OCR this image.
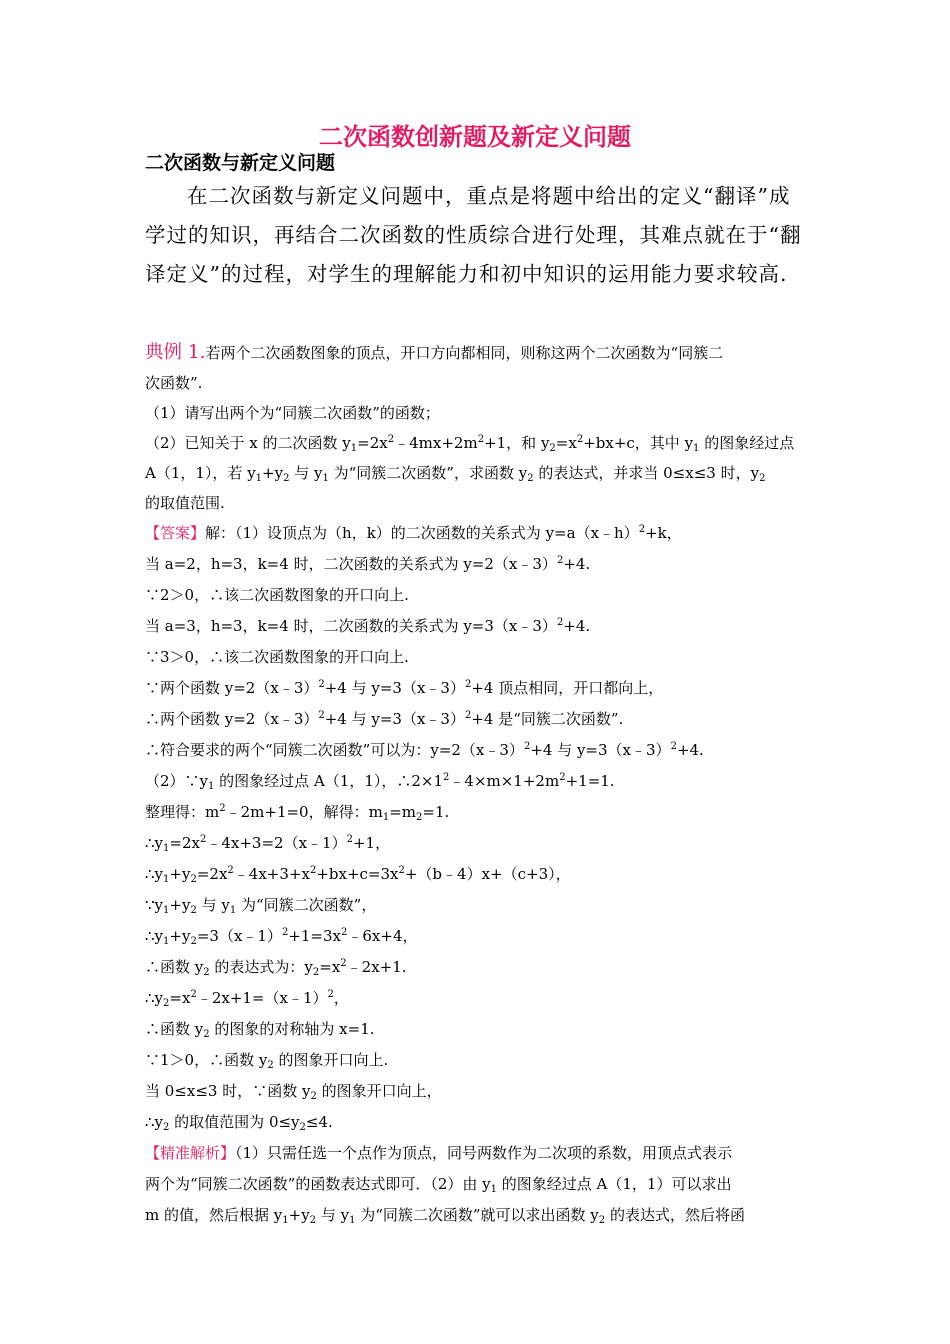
二次函数创新题及新定义问题
二次函数与新定义问题
在二次函数与新定义问题中，重点是将题中给出的定义“翻译”成学过的知识，再结合二次函数的性质综合进行处理，其难点就在于“翻译定义”的过程，对学生的理解能力和初中知识的运用能力要求较高.
典例 1.若两个二次函数图象的顶点，开口方向都相同，则称这两个二次函数为“同簇二
次函数”.
（1）请写出两个为“同簇二次函数”的函数；
（2）已知关于 x 的二次函数 $y_1=2x^2﹣4mx+2m^2+1$，和 $y_2=x^2+bx+c$，其中 $y_1$ 的图象经过点
A（1，1），若 $y_1+y_2$ 与 $y_1$ 为“同簇二次函数”，求函数 $y_2$ 的表达式，并求当 0≤x≤3 时，$y_2$
的取值范围.
【答案】解：（1）设顶点为（h，k）的二次函数的关系式为 y=a（x﹣h）$^2$+k，
当 a=2，h=3，k=4 时，二次函数的关系式为 y=2（x﹣3）$^2$+4.
∵2＞0，∴该二次函数图象的开口向上.
当 a=3，h=3，k=4 时，二次函数的关系式为 y=3（x﹣3）$^2$+4.
∵3＞0，∴该二次函数图象的开口向上.
∵两个函数 y=2（x﹣3）$^2$+4 与 y=3（x﹣3）$^2$+4 顶点相同，开口都向上，
∴两个函数 y=2（x﹣3）$^2$+4 与 y=3（x﹣3）$^2$+4 是“同簇二次函数”.
∴符合要求的两个“同簇二次函数”可以为：y=2（x﹣3）$^2$+4 与 y=3（x﹣3）$^2$+4.
$(2)\because y_1$ 的图象经过点 A（1，1），$\therefore 2\times 1^2﹣4\times m\times 1+2m^2+1=1$.
整理得：$m^2﹣2m+1=0$，解得：$m_1=m_2=1$.
$\therefore y_1=2x^2﹣4x+3=2(x﹣1)^2+1$，
$\therefore y_1+y_2=2x^2﹣4x+3+x^2+bx+c=3x^2+(b﹣4)x+(c+3)$，
$\because y_1+y_2$ 与 $y_1$ 为“同簇二次函数”，
$\therefore y_1+y_2=3(x﹣1)^2+1=3x^2﹣6x+4$，
∴函数 $y_2$ 的表达式为：$y_2=x^2﹣2x+1$.
$\therefore y_2=x^2﹣2x+1=(x﹣1)^2$，
∴函数 $y_2$ 的图象的对称轴为 x=1.
∵1＞0，∴函数 $y_2$ 的图象开口向上.
当 0≤x≤3 时，∵函数 $y_2$ 的图象开口向上，
$\therefore y_2$ 的取值范围为 $0\le y_2\le 4$.
【精准解析】（1）只需任选一个点作为顶点，同号两数作为二次项的系数，用顶点式表示
两个为“同簇二次函数”的函数表达式即可．（2）由 $y_1$ 的图象经过点 A（1，1）可以求出
m 的值，然后根据 $y_1+y_2$ 与 $y_1$ 为“同簇二次函数”就可以求出函数 $y_2$ 的表达式，然后将函
